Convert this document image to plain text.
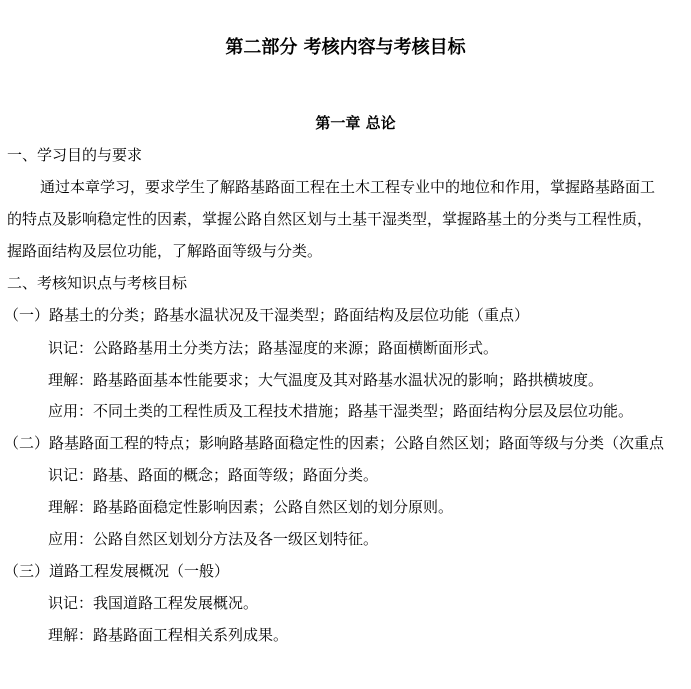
第二部分 考核内容与考核目标
第一章 总论
一、学习目的与要求
通过本章学习，要求学生了解路基路面工程在土木工程专业中的地位和作用，掌握路基路面工
的特点及影响稳定性的因素，掌握公路自然区划与土基干湿类型，掌握路基土的分类与工程性质，
握路面结构及层位功能，了解路面等级与分类。
二、考核知识点与考核目标
（一）路基土的分类；路基水温状况及干湿类型；路面结构及层位功能（重点）
识记：公路路基用土分类方法；路基湿度的来源；路面横断面形式。
理解：路基路面基本性能要求；大气温度及其对路基水温状况的影响；路拱横坡度。
应用：不同土类的工程性质及工程技术措施；路基干湿类型；路面结构分层及层位功能。
（二）路基路面工程的特点；影响路基路面稳定性的因素；公路自然区划；路面等级与分类（次重点
识记：路基、路面的概念；路面等级；路面分类。
理解：路基路面稳定性影响因素；公路自然区划的划分原则。
应用：公路自然区划划分方法及各一级区划特征。
（三）道路工程发展概况（一般）
识记：我国道路工程发展概况。
理解：路基路面工程相关系列成果。
